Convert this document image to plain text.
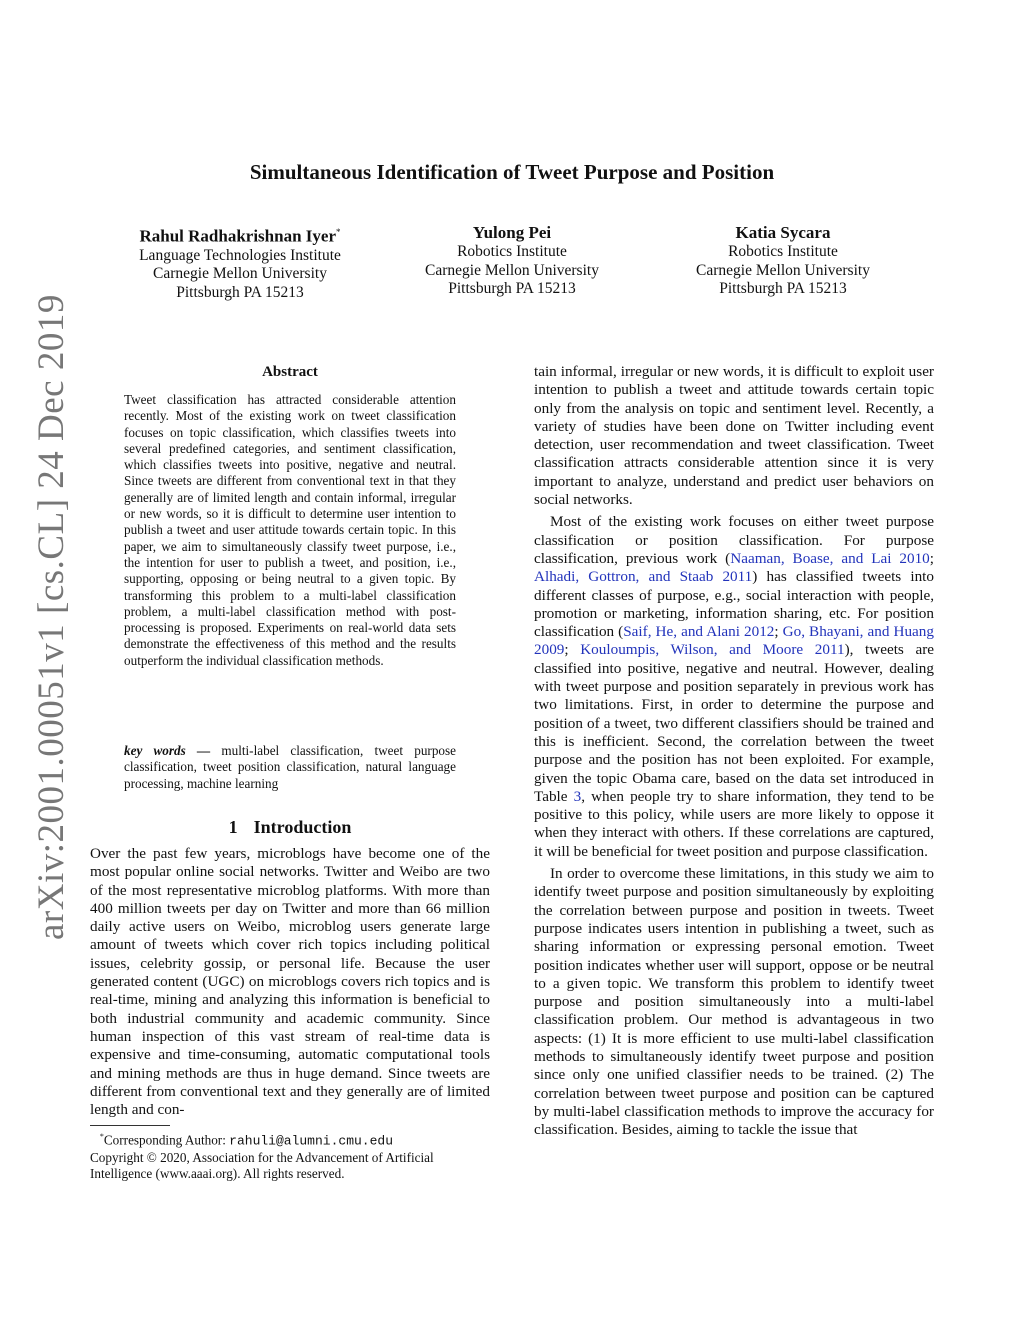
arXiv:2001.00051v1 [cs.CL] 24 Dec 2019
Simultaneous Identification of Tweet Purpose and Position
Rahul Radhakrishnan Iyer*
Language Technologies Institute
Carnegie Mellon University
Pittsburgh PA 15213
Yulong Pei
Robotics Institute
Carnegie Mellon University
Pittsburgh PA 15213
Katia Sycara
Robotics Institute
Carnegie Mellon University
Pittsburgh PA 15213
Abstract
Tweet classification has attracted considerable attention recently. Most of the existing work on tweet classification focuses on topic classification, which classifies tweets into several predefined categories, and sentiment classification, which classifies tweets into positive, negative and neutral. Since tweets are different from conventional text in that they generally are of limited length and contain informal, irregular or new words, so it is difficult to determine user intention to publish a tweet and user attitude towards certain topic. In this paper, we aim to simultaneously classify tweet purpose, i.e., the intention for user to publish a tweet, and position, i.e., supporting, opposing or being neutral to a given topic. By transforming this problem to a multi-label classification problem, a multi-label classification method with post-processing is proposed. Experiments on real-world data sets demonstrate the effectiveness of this method and the results outperform the individual classification methods.
key words — multi-label classification, tweet purpose classification, tweet position classification, natural language processing, machine learning
1 Introduction
Over the past few years, microblogs have become one of the most popular online social networks. Twitter and Weibo are two of the most representative microblog platforms. With more than 400 million tweets per day on Twitter and more than 66 million daily active users on Weibo, microblog users generate large amount of tweets which cover rich topics including political issues, celebrity gossip, or personal life. Because the user generated content (UGC) on microblogs covers rich topics and is real-time, mining and analyzing this information is beneficial to both industrial community and academic community. Since human inspection of this vast stream of real-time data is expensive and time-consuming, automatic computational tools and mining methods are thus in huge demand. Since tweets are different from conventional text and they generally are of limited length and con-
*Corresponding Author: rahuli@alumni.cmu.edu
Copyright © 2020, Association for the Advancement of Artificial Intelligence (www.aaai.org). All rights reserved.

tain informal, irregular or new words, it is difficult to exploit user intention to publish a tweet and attitude towards certain topic only from the analysis on topic and sentiment level. Recently, a variety of studies have been done on Twitter including event detection, user recommendation and tweet classification. Tweet classification attracts considerable attention since it is very important to analyze, understand and predict user behaviors on social networks.

Most of the existing work focuses on either tweet purpose classification or position classification. For purpose classification, previous work (Naaman, Boase, and Lai 2010; Alhadi, Gottron, and Staab 2011) has classified tweets into different classes of purpose, e.g., social interaction with people, promotion or marketing, information sharing, etc. For position classification (Saif, He, and Alani 2012; Go, Bhayani, and Huang 2009; Kouloumpis, Wilson, and Moore 2011), tweets are classified into positive, negative and neutral. However, dealing with tweet purpose and position separately in previous work has two limitations. First, in order to determine the purpose and position of a tweet, two different classifiers should be trained and this is inefficient. Second, the correlation between the tweet purpose and the position has not been exploited. For example, given the topic Obama care, based on the data set introduced in Table 3, when people try to share information, they tend to be positive to this policy, while users are more likely to oppose it when they interact with others. If these correlations are captured, it will be beneficial for tweet position and purpose classification.

In order to overcome these limitations, in this study we aim to identify tweet purpose and position simultaneously by exploiting the correlation between purpose and position in tweets. Tweet purpose indicates users intention in publishing a tweet, such as sharing information or expressing personal emotion. Tweet position indicates whether user will support, oppose or be neutral to a given topic. We transform this problem to identify tweet purpose and position simultaneously into a multi-label classification problem. Our method is advantageous in two aspects: (1) It is more efficient to use multi-label classification methods to simultaneously identify tweet purpose and position since only one unified classifier needs to be trained. (2) The correlation between tweet purpose and position can be captured by multi-label classification methods to improve the accuracy for classification. Besides, aiming to tackle the issue that
